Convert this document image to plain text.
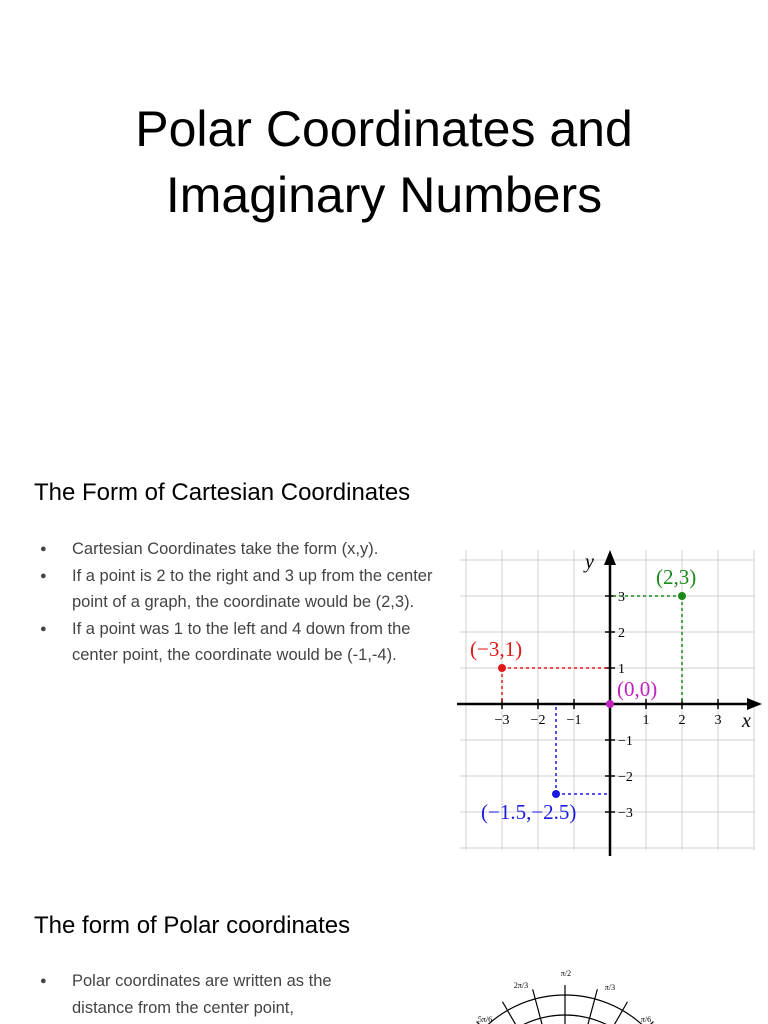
Polar Coordinates and
Imaginary Numbers
The Form of Cartesian Coordinates
● Cartesian Coordinates take the form (x,y).
● If a point is 2 to the right and 3 up from the center point of a graph, the coordinate would be (2,3).
● If a point was 1 to the left and 4 down from the center point, the coordinate would be (-1,-4).
x
y
−3 −2 −1	1 2 3
3
2
1
−1
−2
−3
(2,3)
(−3,1)
(0,0)
(−1.5,−2.5)
The form of Polar coordinates
● Polar coordinates are written as the distance from the center point,
2π/3
π/2
π/3
5π/6	π/6
